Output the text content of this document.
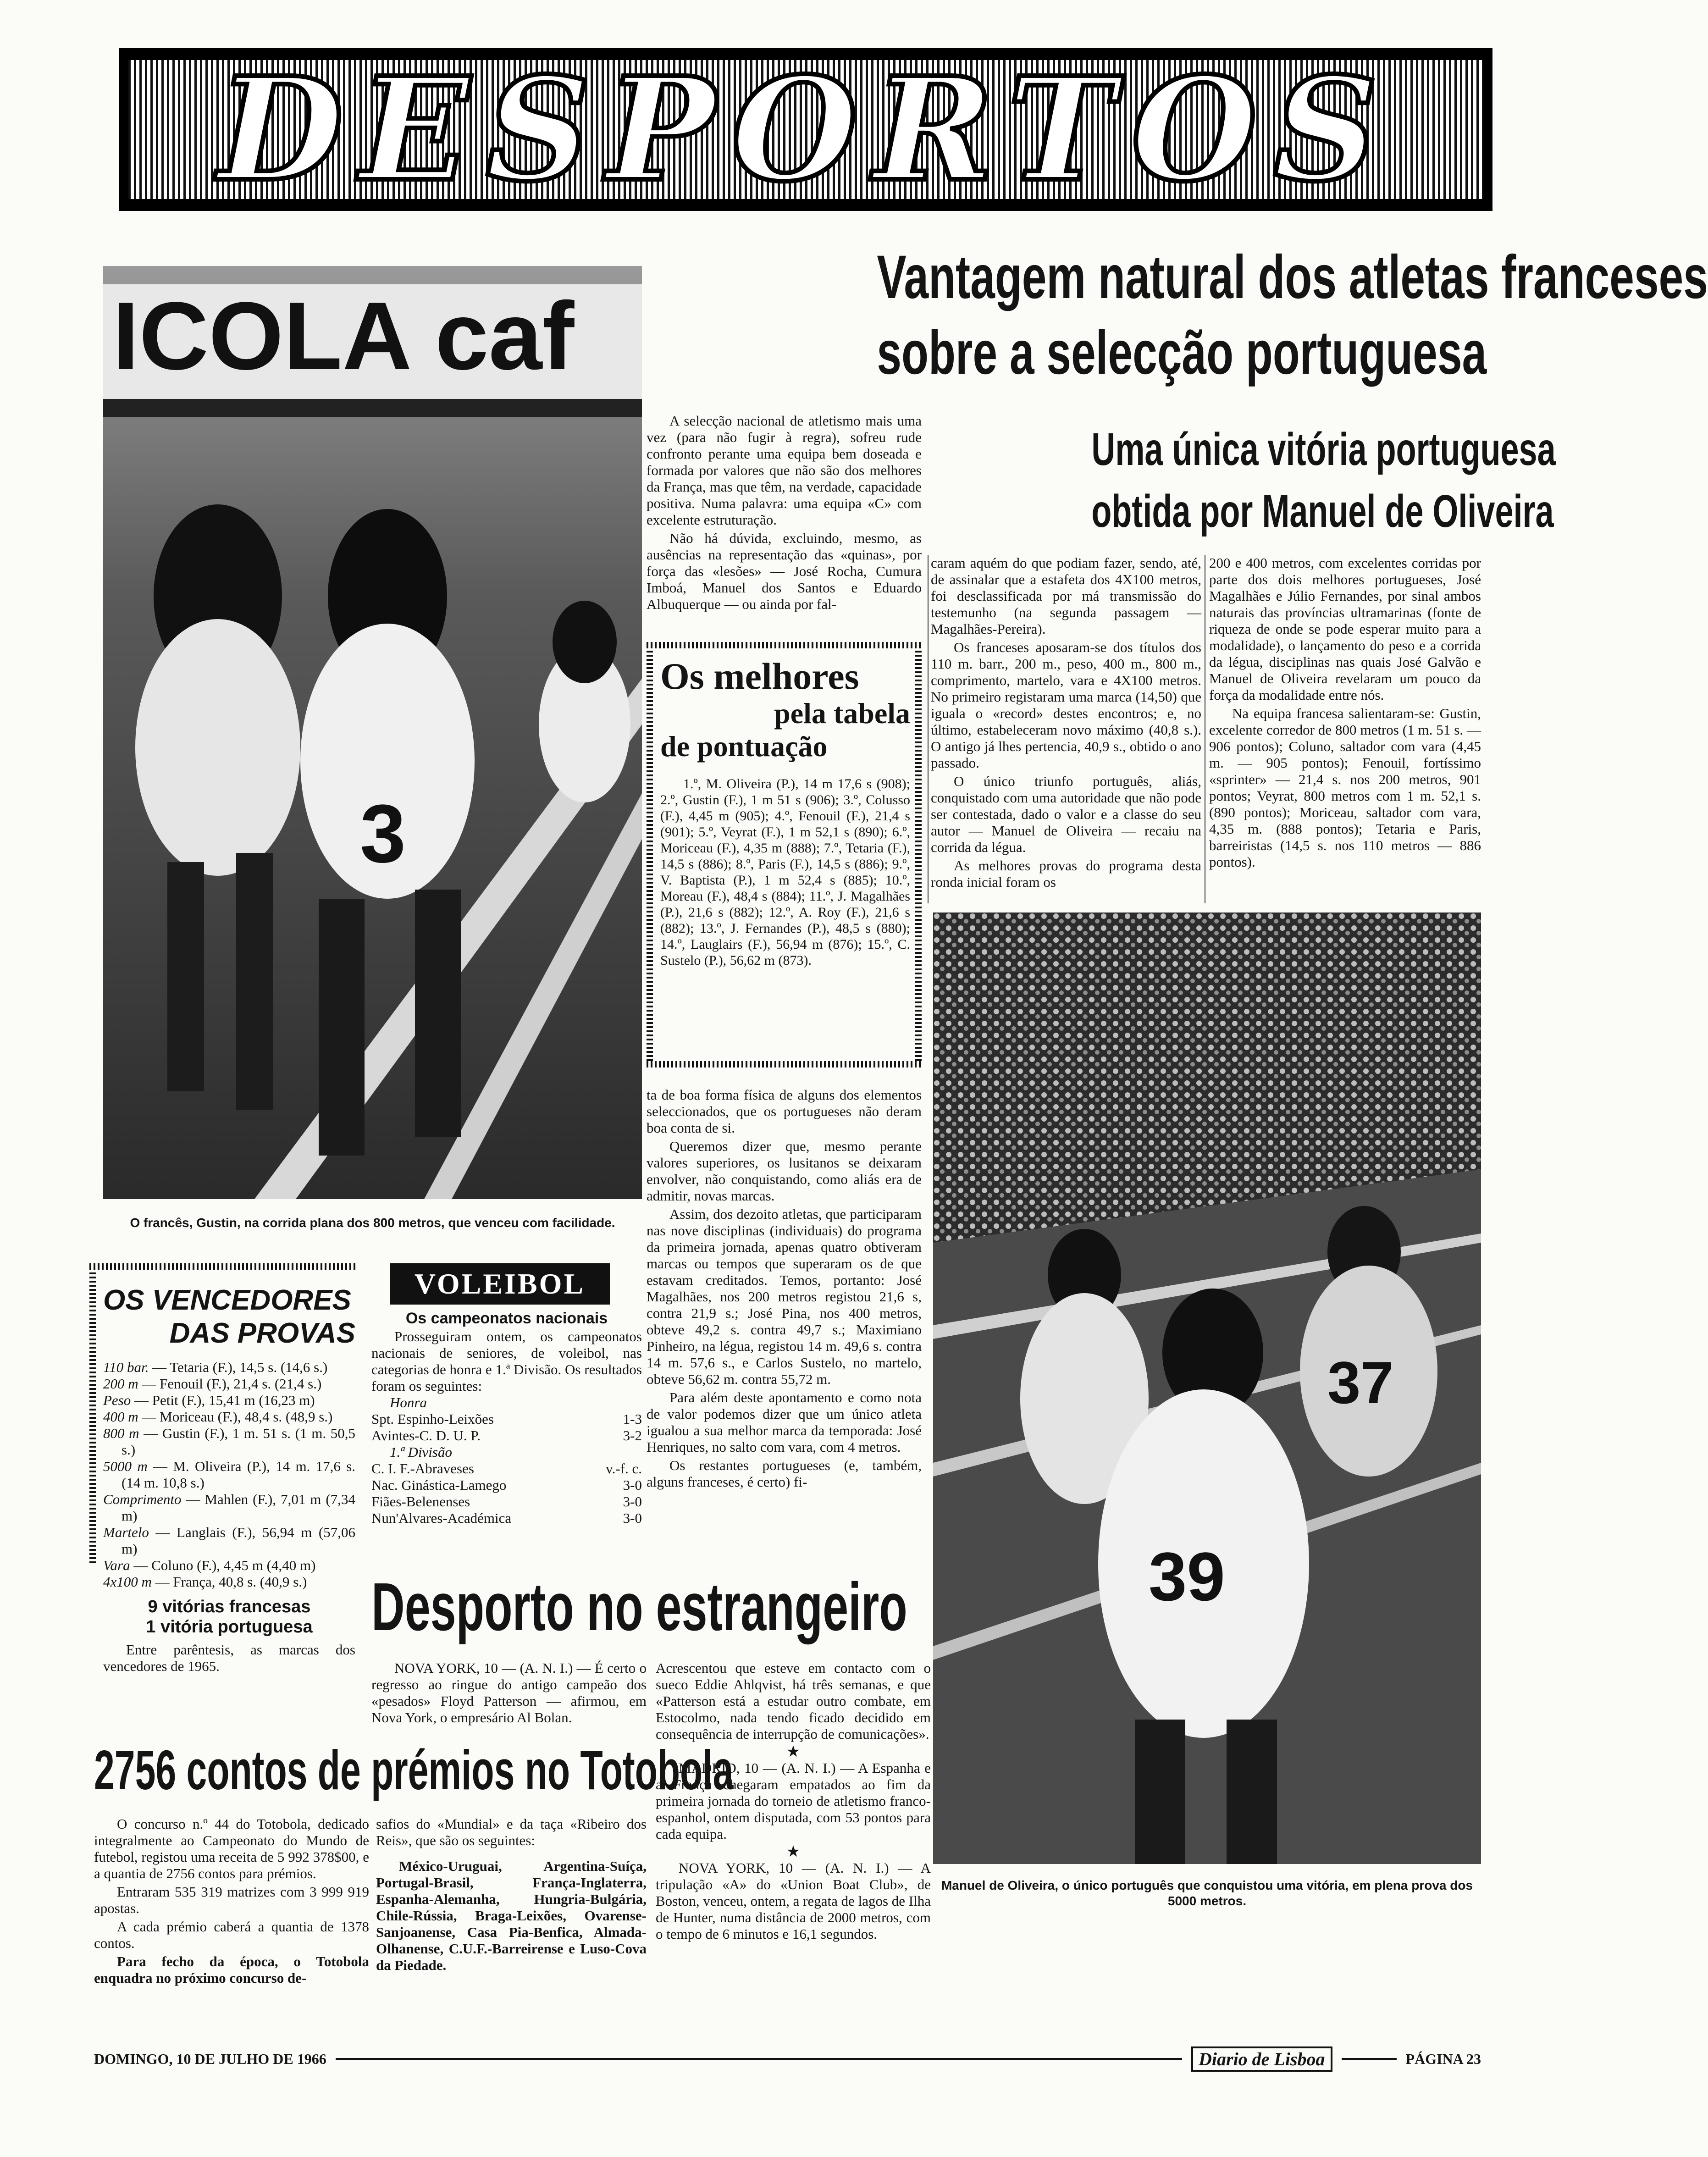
DESPORTOS
ICOLA caf
3
O francês, Gustin, na corrida plana dos 800 metros, que venceu com facilidade.
Vantagem natural dos atletas franceses
sobre a selecção portuguesa
Uma única vitória portuguesa
obtida por Manuel de Oliveira

A selecção nacional de atletismo mais uma vez (para não fugir à regra), sofreu rude confronto perante uma equipa bem doseada e formada por valores que não são dos melhores da França, mas que têm, na verdade, capacidade positiva. Numa palavra: uma equipa «C» com excelente estruturação.

Não há dúvida, excluindo, mesmo, as ausências na representação das «quinas», por força das «lesões» — José Rocha, Cumura Imboá, Manuel dos Santos e Eduardo Albuquerque — ou ainda por fal-

Os melhores
pela tabela
de pontuação
1.º, M. Oliveira (P.), 14 m 17,6 s (908); 2.º, Gustin (F.), 1 m 51 s (906); 3.º, Colusso (F.), 4,45 m (905); 4.º, Fenouil (F.), 21,4 s (901); 5.º, Veyrat (F.), 1 m 52,1 s (890); 6.º, Moriceau (F.), 4,35 m (888); 7.º, Tetaria (F.), 14,5 s (886); 8.º, Paris (F.), 14,5 s (886); 9.º, V. Baptista (P.), 1 m 52,4 s (885); 10.º, Moreau (F.), 48,4 s (884); 11.º, J. Magalhães (P.), 21,6 s (882); 12.º, A. Roy (F.), 21,6 s (882); 13.º, J. Fernandes (P.), 48,5 s (880); 14.º, Lauglairs (F.), 56,94 m (876); 15.º, C. Sustelo (P.), 56,62 m (873).

ta de boa forma física de alguns dos elementos seleccionados, que os portugueses não deram boa conta de si.

Queremos dizer que, mesmo perante valores superiores, os lusitanos se deixaram envolver, não conquistando, como aliás era de admitir, novas marcas.

Assim, dos dezoito atletas, que participaram nas nove disciplinas (individuais) do programa da primeira jornada, apenas quatro obtiveram marcas ou tempos que superaram os de que estavam creditados. Temos, portanto: José Magalhães, nos 200 metros registou 21,6 s, contra 21,9 s.; José Pina, nos 400 metros, obteve 49,2 s. contra 49,7 s.; Maximiano Pinheiro, na légua, registou 14 m. 49,6 s. contra 14 m. 57,6 s., e Carlos Sustelo, no martelo, obteve 56,62 m. contra 55,72 m.

Para além deste apontamento e como nota de valor podemos dizer que um único atleta igualou a sua melhor marca da temporada: José Henriques, no salto com vara, com 4 metros.

Os restantes portugueses (e, também, alguns franceses, é certo) fi-

caram aquém do que podiam fazer, sendo, até, de assinalar que a estafeta dos 4X100 metros, foi desclassificada por má transmissão do testemunho (na segunda passagem — Magalhães-Pereira).

Os franceses aposaram-se dos títulos dos 110 m. barr., 200 m., peso, 400 m., 800 m., comprimento, martelo, vara e 4X100 metros. No primeiro registaram uma marca (14,50) que iguala o «record» destes encontros; e, no último, estabeleceram novo máximo (40,8 s.). O antigo já lhes pertencia, 40,9 s., obtido o ano passado.

O único triunfo português, aliás, conquistado com uma autoridade que não pode ser contestada, dado o valor e a classe do seu autor — Manuel de Oliveira — recaiu na corrida da légua.

As melhores provas do programa desta ronda inicial foram os

200 e 400 metros, com excelentes corridas por parte dos dois melhores portugueses, José Magalhães e Júlio Fernandes, por sinal ambos naturais das províncias ultramarinas (fonte de riqueza de onde se pode esperar muito para a modalidade), o lançamento do peso e a corrida da légua, disciplinas nas quais José Galvão e Manuel de Oliveira revelaram um pouco da força da modalidade entre nós.

Na equipa francesa salientaram-se: Gustin, excelente corredor de 800 metros (1 m. 51 s. — 906 pontos); Coluno, saltador com vara (4,45 m. — 905 pontos); Fenouil, fortíssimo «sprinter» — 21,4 s. nos 200 metros, 901 pontos; Veyrat, 800 metros com 1 m. 52,1 s. (890 pontos); Moriceau, saltador com vara, 4,35 m. (888 pontos); Tetaria e Paris, barreiristas (14,5 s. nos 110 metros — 886 pontos).

37
39
Manuel de Oliveira, o único português que conquistou uma vitória, em plena prova dos 5000 metros.
OS VENCEDORES
DAS PROVAS
110 bar. — Tetaria (F.), 14,5 s. (14,6 s.)
200 m — Fenouil (F.), 21,4 s. (21,4 s.)
Peso — Petit (F.), 15,41 m (16,23 m)
400 m — Moriceau (F.), 48,4 s. (48,9 s.)
800 m — Gustin (F.), 1 m. 51 s. (1 m. 50,5 s.)
5000 m — M. Oliveira (P.), 14 m. 17,6 s. (14 m. 10,8 s.)
Comprimento — Mahlen (F.), 7,01 m (7,34 m)
Martelo — Langlais (F.), 56,94 m (57,06 m)
Vara — Coluno (F.), 4,45 m (4,40 m)
4x100 m — França, 40,8 s. (40,9 s.)
9 vitórias francesas
1 vitória portuguesa
Entre parêntesis, as marcas dos vencedores de 1965.
VOLEIBOL
Os campeonatos nacionais
Prosseguiram ontem, os campeonatos nacionais de seniores, de voleibol, nas categorias de honra e 1.ª Divisão. Os resultados foram os seguintes:
Honra
Spt. Espinho-Leixões	1-3
Avintes-C. D. U. P.	3-2
1.ª Divisão
C. I. F.-Abraveses	v.-f. c.
Nac. Ginástica-Lamego	3-0
Fiães-Belenenses	3-0
Nun'Alvares-Académica	3-0
Desporto no estrangeiro

NOVA YORK, 10 — (A. N. I.) — É certo o regresso ao ringue do antigo campeão dos «pesados» Floyd Patterson — afirmou, em Nova York, o empresário Al Bolan.

Acrescentou que esteve em contacto com o sueco Eddie Ahlqvist, há três semanas, e que «Patterson está a estudar outro combate, em Estocolmo, nada tendo ficado decidido em consequência de interrupção de comunicações».

★

MADRID, 10 — (A. N. I.) — A Espanha e a França chegaram empatados ao fim da primeira jornada do torneio de atletismo franco-espanhol, ontem disputada, com 53 pontos para cada equipa.

★

NOVA YORK, 10 — (A. N. I.) — A tripulação «A» do «Union Boat Club», de Boston, venceu, ontem, a regata de lagos de Ilha de Hunter, numa distância de 2000 metros, com o tempo de 6 minutos e 16,1 segundos.

2756 contos de prémios no Totobola

O concurso n.º 44 do Totobola, dedicado integralmente ao Campeonato do Mundo de futebol, registou uma receita de 5 992 378$00, e a quantia de 2756 contos para prémios.

Entraram 535 319 matrizes com 3 999 919 apostas.

A cada prémio caberá a quantia de 1378 contos.

Para fecho da época, o Totobola enquadra no próximo concurso de-

safios do «Mundial» e da taça «Ribeiro dos Reis», que são os seguintes:

México-Uruguai, Argentina-Suíça, Portugal-Brasil, França-Inglaterra, Espanha-Alemanha, Hungria-Bulgária, Chile-Rússia, Braga-Leixões, Ovarense-Sanjoanense, Casa Pia-Benfica, Almada-Olhanense, C.U.F.-Barreirense e Luso-Cova da Piedade.

DOMINGO, 10 DE JULHO DE 1966	Diario de Lisboa	PÁGINA 23
